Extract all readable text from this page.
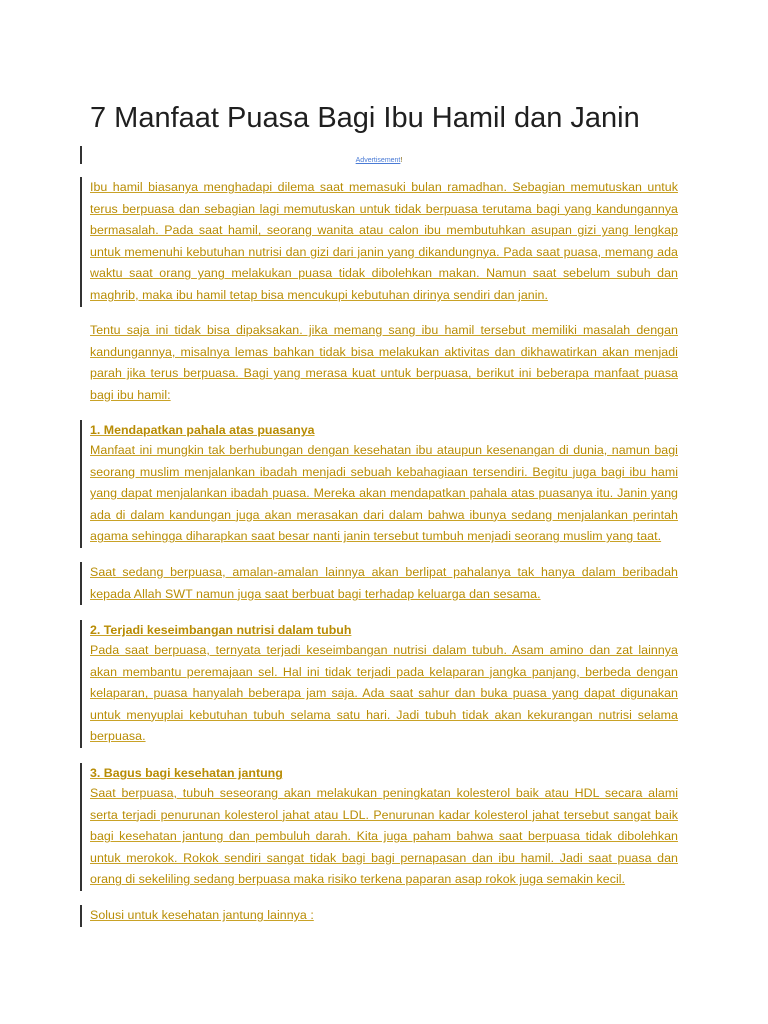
7 Manfaat Puasa Bagi Ibu Hamil dan Janin
Advertisement !

Ibu hamil biasanya menghadapi dilema saat memasuki bulan ramadhan. Sebagian memutuskan untuk terus berpuasa dan sebagian lagi memutuskan untuk tidak berpuasa terutama bagi yang kandungannya bermasalah. Pada saat hamil, seorang wanita atau calon ibu membutuhkan asupan gizi yang lengkap untuk memenuhi kebutuhan nutrisi dan gizi dari janin yang dikandungnya. Pada saat puasa, memang ada waktu saat orang yang melakukan puasa tidak dibolehkan makan. Namun saat sebelum subuh dan maghrib, maka ibu hamil tetap bisa mencukupi kebutuhan dirinya sendiri dan janin.

Tentu saja ini tidak bisa dipaksakan. jika memang sang ibu hamil tersebut memiliki masalah dengan kandungannya, misalnya lemas bahkan tidak bisa melakukan aktivitas dan dikhawatirkan akan menjadi parah jika terus berpuasa. Bagi yang merasa kuat untuk berpuasa, berikut ini beberapa manfaat puasa bagi ibu hamil:

1. Mendapatkan pahala atas puasanya

Manfaat ini mungkin tak berhubungan dengan kesehatan ibu ataupun kesenangan di dunia, namun bagi seorang muslim menjalankan ibadah menjadi sebuah kebahagiaan tersendiri. Begitu juga bagi ibu hami yang dapat menjalankan ibadah puasa. Mereka akan mendapatkan pahala atas puasanya itu. Janin yang ada di dalam kandungan juga akan merasakan dari dalam bahwa ibunya sedang menjalankan perintah agama sehingga diharapkan saat besar nanti janin tersebut tumbuh menjadi seorang muslim yang taat.

Saat sedang berpuasa, amalan-amalan lainnya akan berlipat pahalanya tak hanya dalam beribadah kepada Allah SWT namun juga saat berbuat bagi terhadap keluarga dan sesama.

2. Terjadi keseimbangan nutrisi dalam tubuh

Pada saat berpuasa, ternyata terjadi keseimbangan nutrisi dalam tubuh. Asam amino dan zat lainnya akan membantu peremajaan sel. Hal ini tidak terjadi pada kelaparan jangka panjang, berbeda dengan kelaparan, puasa hanyalah beberapa jam saja. Ada saat sahur dan buka puasa yang dapat digunakan untuk menyuplai kebutuhan tubuh selama satu hari. Jadi tubuh tidak akan kekurangan nutrisi selama berpuasa.

3. Bagus bagi kesehatan jantung

Saat berpuasa, tubuh seseorang akan melakukan peningkatan kolesterol baik atau HDL secara alami serta terjadi penurunan kolesterol jahat atau LDL. Penurunan kadar kolesterol jahat tersebut sangat baik bagi kesehatan jantung dan pembuluh darah. Kita juga paham bahwa saat berpuasa tidak dibolehkan untuk merokok. Rokok sendiri sangat tidak bagi bagi pernapasan dan ibu hamil. Jadi saat puasa dan orang di sekeliling sedang berpuasa maka risiko terkena paparan asap rokok juga semakin kecil.

Solusi untuk kesehatan jantung lainnya :
